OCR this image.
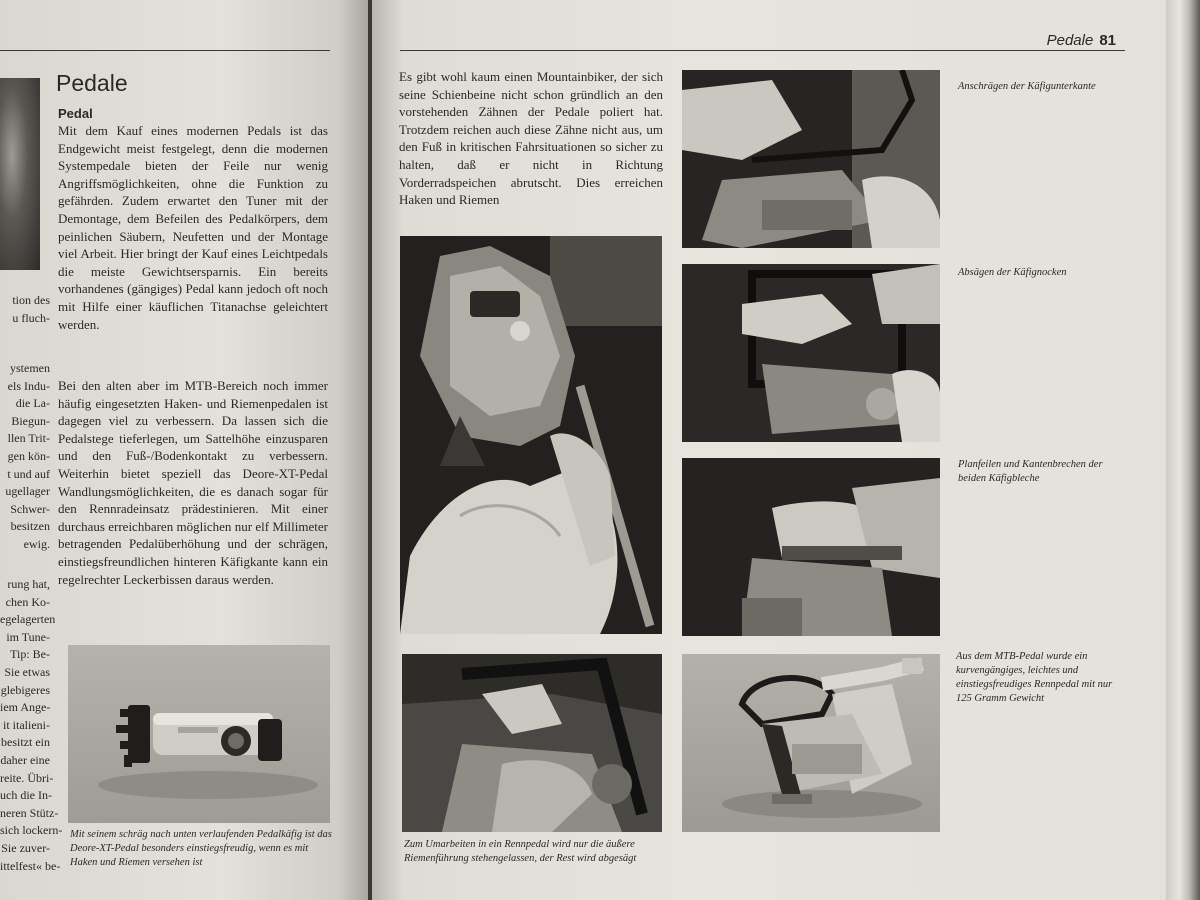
Pedale
Pedal

Mit dem Kauf eines modernen Pedals ist das Endgewicht meist festgelegt, denn die modernen Systempedale bieten der Feile nur wenig Angriffsmöglichkeiten, ohne die Funktion zu gefährden. Zudem erwartet den Tuner mit der Demontage, dem Befeilen des Pedalkörpers, dem peinlichen Säubern, Neufetten und der Montage viel Arbeit. Hier bringt der Kauf eines Leichtpedals die meiste Gewichtsersparnis. Ein bereits vorhandenes (gängiges) Pedal kann jedoch oft noch mit Hilfe einer käuflichen Titanachse geleichtert werden.

Bei den alten aber im MTB-Bereich noch immer häufig eingesetzten Haken- und Riemenpedalen ist dagegen viel zu verbessern. Da lassen sich die Pedalstege tieferlegen, um Sattelhöhe einzusparen und den Fuß-/Bodenkontakt zu verbessern. Weiterhin bietet speziell das Deore-XT-Pedal Wandlungsmöglichkeiten, die es danach sogar für den Rennradeinsatz prädestinieren. Mit einer durchaus erreichbaren möglichen nur elf Millimeter betragenden Pedalüberhöhung und der schrägen, einstiegsfreundlichen hinteren Käfigkante kann ein regelrechter Leckerbissen daraus werden.

tion des
u fluch-
ystemen
els Indu-
die La-
Biegun-
llen Trit-
gen kön-
t und auf
ugellager
Schwer-
besitzen
ewig.
rung hat,
chen Ko-
egelagerten
im Tune-
Tip: Be-
Sie etwas
glebigeres
iem Ange-
it italieni-
besitzt ein
daher eine
reite. Übri-
uch die In-
neren Stütz-
sich lockern-
Sie zuver-
ittelfest« be-
Mit seinem schräg nach unten verlaufenden Pedalkäfig ist das Deore-XT-Pedal besonders einstiegsfreudig, wenn es mit Haken und Riemen versehen ist
Pedale 81

Es gibt wohl kaum einen Mountainbiker, der sich seine Schienbeine nicht schon gründlich an den vorstehenden Zähnen der Pedale poliert hat. Trotzdem reichen auch diese Zähne nicht aus, um den Fuß in kritischen Fahrsituationen so sicher zu halten, daß er nicht in Richtung Vorderradspeichen abrutscht. Dies erreichen Haken und Riemen

Anschrägen der Käfigunterkante
Absägen der Käfignocken
Planfeilen und Kantenbrechen der beiden Käfigbleche
Zum Umarbeiten in ein Rennpedal wird nur die äußere Riemenführung stehengelassen, der Rest wird abgesägt
Aus dem MTB-Pedal wurde ein kurvengängiges, leichtes und einstiegsfreudiges Rennpedal mit nur 125 Gramm Gewicht
